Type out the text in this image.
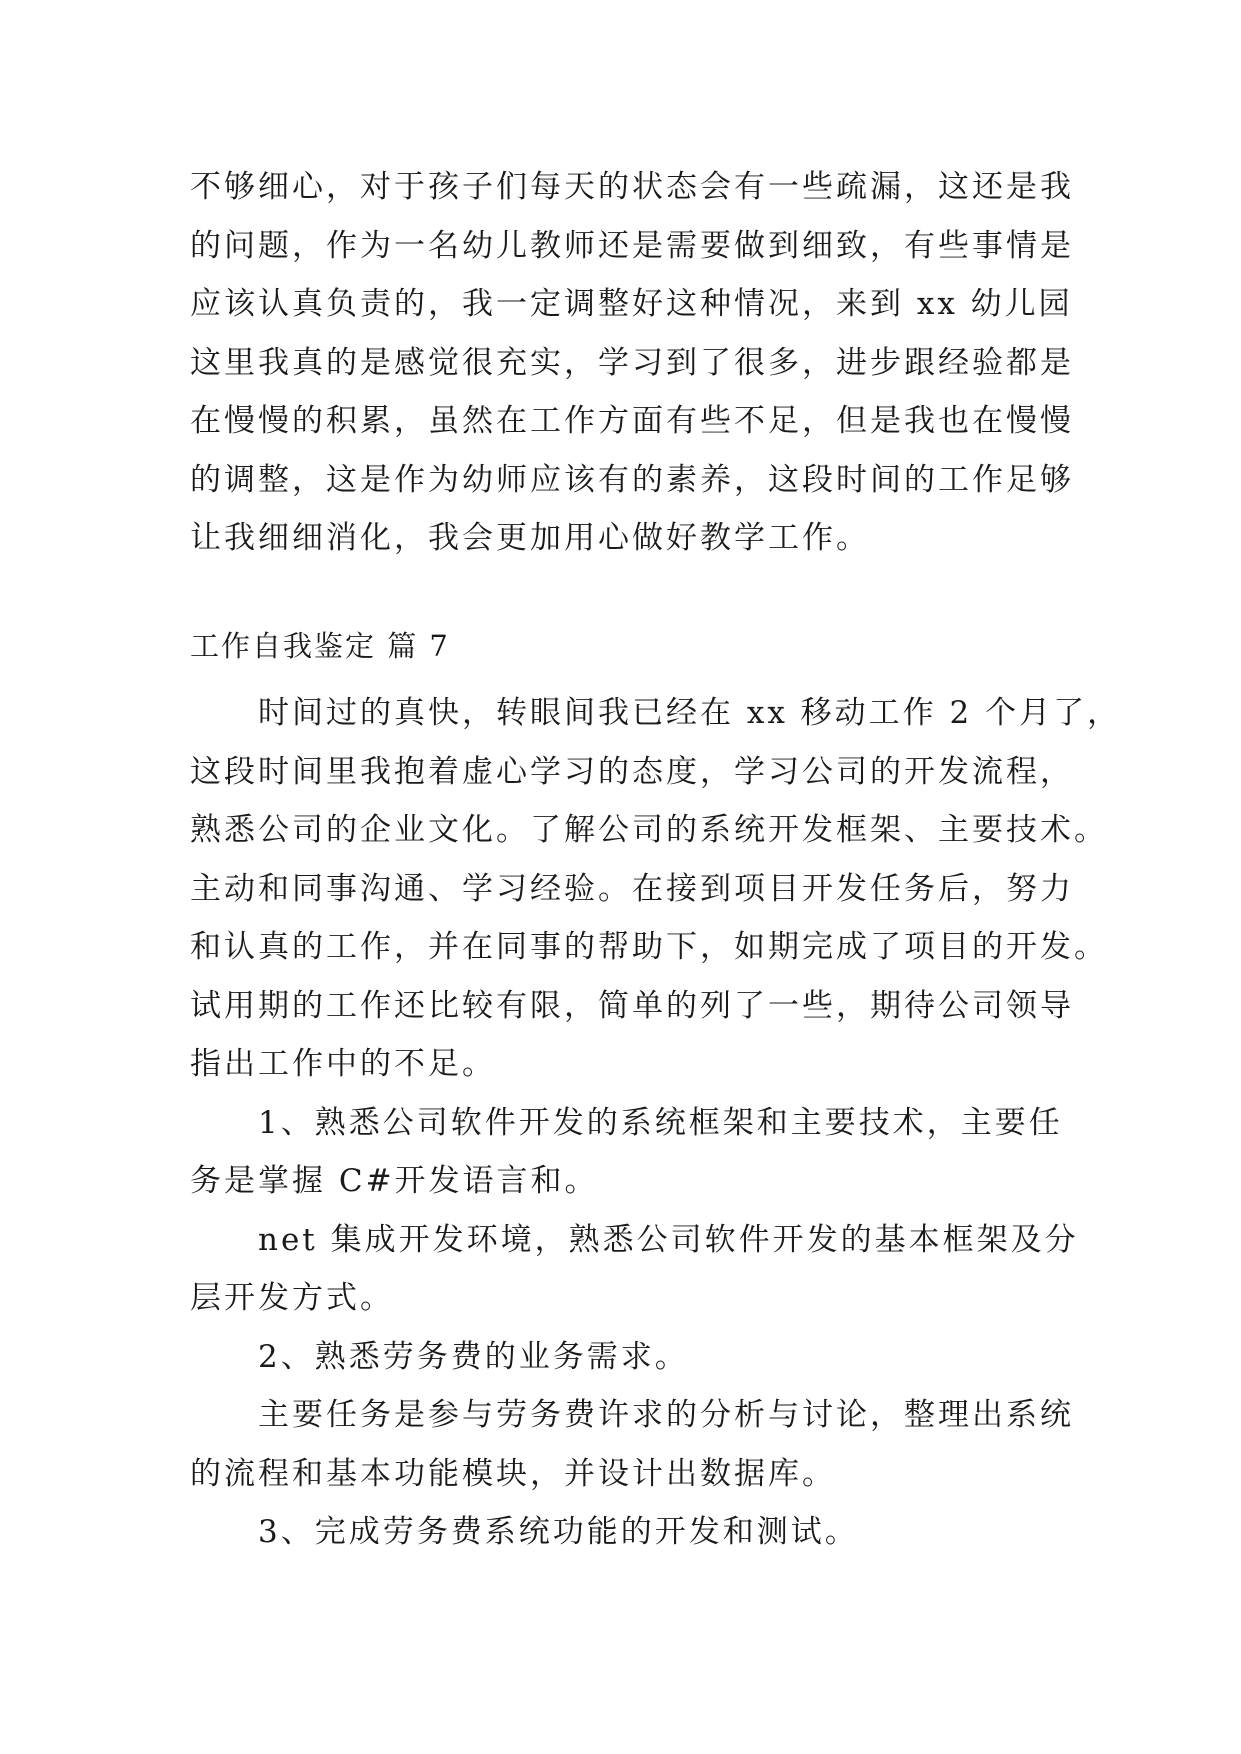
不够细心，对于孩子们每天的状态会有一些疏漏，这还是我
的问题，作为一名幼儿教师还是需要做到细致，有些事情是
应该认真负责的，我一定调整好这种情况，来到 xx 幼儿园
这里我真的是感觉很充实，学习到了很多，进步跟经验都是
在慢慢的积累，虽然在工作方面有些不足，但是我也在慢慢
的调整，这是作为幼师应该有的素养，这段时间的工作足够
让我细细消化，我会更加用心做好教学工作。
工作自我鉴定 篇 7
时间过的真快，转眼间我已经在 xx 移动工作 2 个月了，
这段时间里我抱着虚心学习的态度，学习公司的开发流程，
熟悉公司的企业文化。了解公司的系统开发框架、主要技术。
主动和同事沟通、学习经验。在接到项目开发任务后，努力
和认真的工作，并在同事的帮助下，如期完成了项目的开发。
试用期的工作还比较有限，简单的列了一些，期待公司领导
指出工作中的不足。
1、熟悉公司软件开发的系统框架和主要技术，主要任
务是掌握 C#开发语言和。
net 集成开发环境，熟悉公司软件开发的基本框架及分
层开发方式。
2、熟悉劳务费的业务需求。
主要任务是参与劳务费许求的分析与讨论，整理出系统
的流程和基本功能模块，并设计出数据库。
3、完成劳务费系统功能的开发和测试。
